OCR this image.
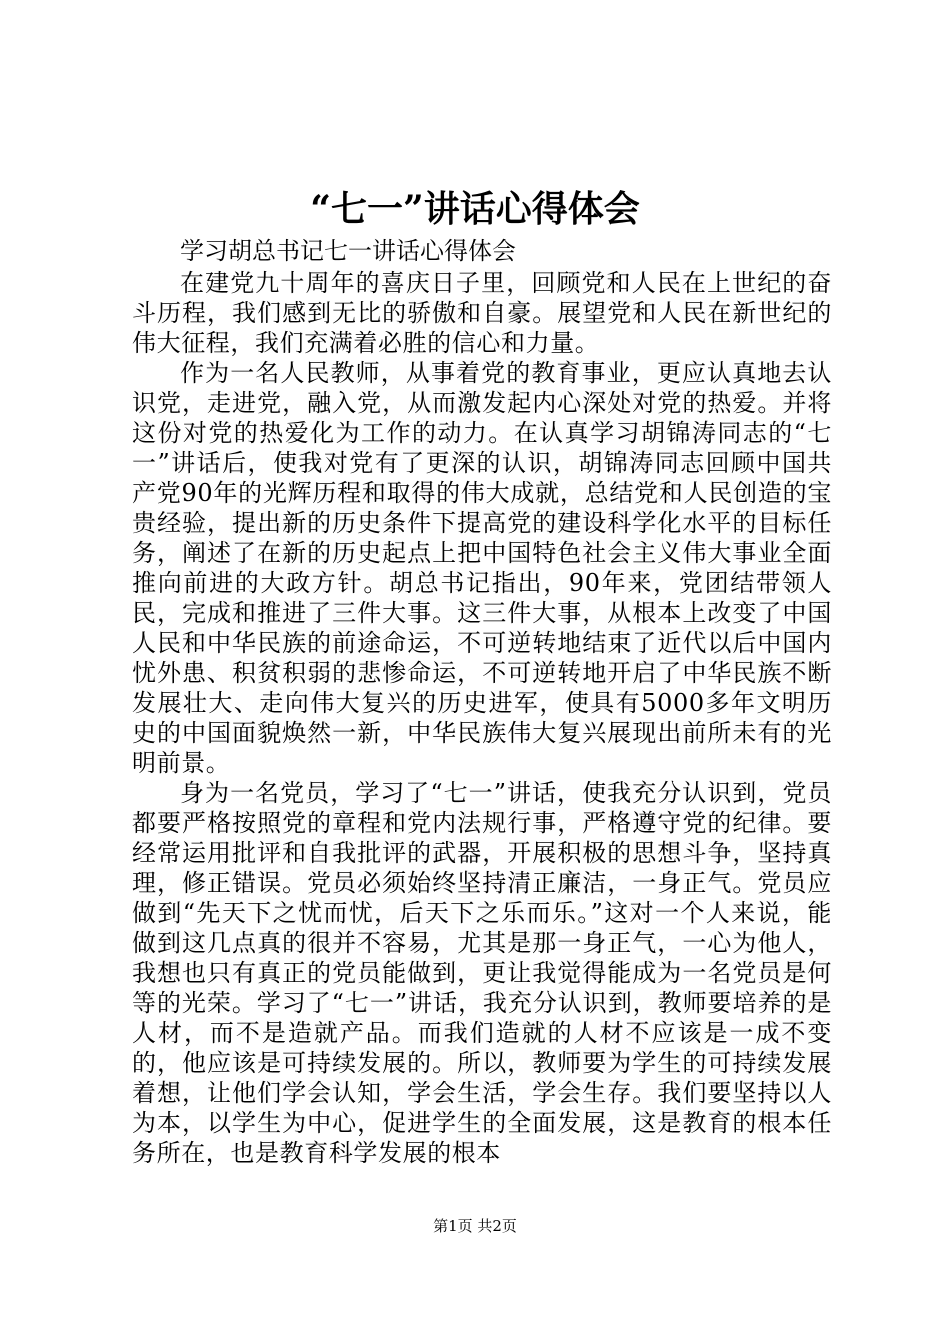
“七一”讲话心得体会

学习胡总书记七一讲话心得体会

在建党九十周年的喜庆日子里，回顾党和人民在上世纪的奋斗历程，我们感到无比的骄傲和自豪。展望党和人民在新世纪的伟大征程，我们充满着必胜的信心和力量。

作为一名人民教师，从事着党的教育事业，更应认真地去认识党，走进党，融入党，从而激发起内心深处对党的热爱。并将这份对党的热爱化为工作的动力。在认真学习胡锦涛同志的“七一”讲话后，使我对党有了更深的认识，胡锦涛同志回顾中国共产党90年的光辉历程和取得的伟大成就，总结党和人民创造的宝贵经验，提出新的历史条件下提高党的建设科学化水平的目标任务，阐述了在新的历史起点上把中国特色社会主义伟大事业全面推向前进的大政方针。胡总书记指出，90年来，党团结带领人民，完成和推进了三件大事。这三件大事，从根本上改变了中国人民和中华民族的前途命运，不可逆转地结束了近代以后中国内忧外患、积贫积弱的悲惨命运，不可逆转地开启了中华民族不断发展壮大、走向伟大复兴的历史进军，使具有5000多年文明历史的中国面貌焕然一新，中华民族伟大复兴展现出前所未有的光明前景。

身为一名党员，学习了“七一”讲话，使我充分认识到，党员都要严格按照党的章程和党内法规行事，严格遵守党的纪律。要经常运用批评和自我批评的武器，开展积极的思想斗争，坚持真理，修正错误。党员必须始终坚持清正廉洁，一身正气。党员应做到“先天下之忧而忧，后天下之乐而乐。”这对一个人来说，能做到这几点真的很并不容易，尤其是那一身正气，一心为他人，我想也只有真正的党员能做到，更让我觉得能成为一名党员是何等的光荣。学习了“七一”讲话，我充分认识到，教师要培养的是人材，而不是造就产品。而我们造就的人材不应该是一成不变的，他应该是可持续发展的。所以，教师要为学生的可持续发展着想，让他们学会认知，学会生活，学会生存。我们要坚持以人为本，以学生为中心，促进学生的全面发展，这是教育的根本任务所在，也是教育科学发展的根本

第1页 共2页
